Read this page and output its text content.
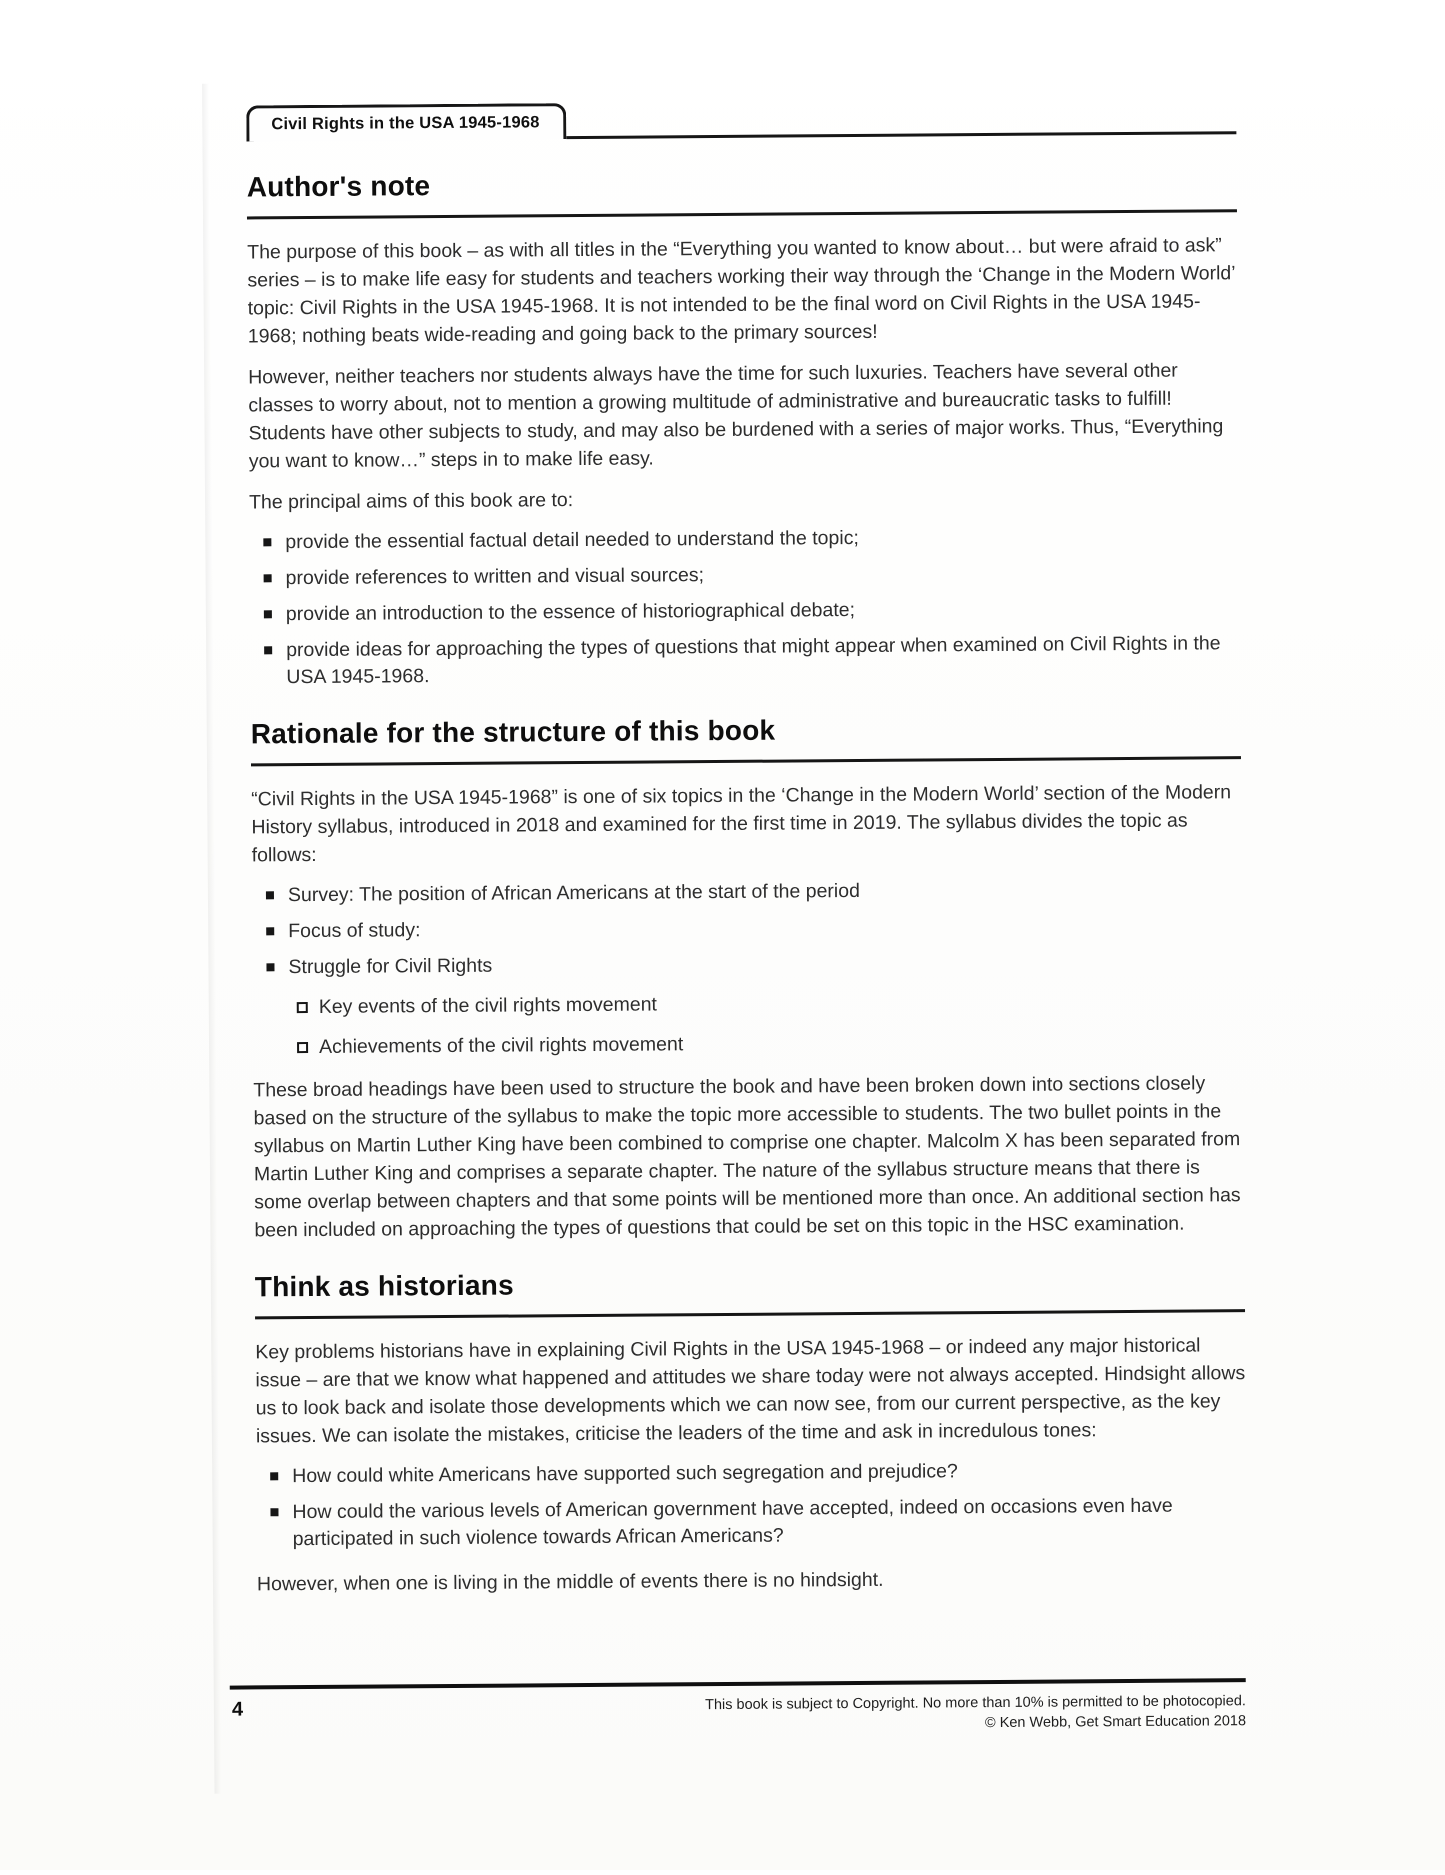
Civil Rights in the USA 1945-1968
Author's note

The purpose of this book – as with all titles in the “Everything you wanted to know about… but were afraid to ask” series – is to make life easy for students and teachers working their way through the ‘Change in the Modern World’ topic: Civil Rights in the USA 1945-1968. It is not intended to be the final word on Civil Rights in the USA 1945-1968; nothing beats wide-reading and going back to the primary sources!

However, neither teachers nor students always have the time for such luxuries. Teachers have several other classes to worry about, not to mention a growing multitude of administrative and bureaucratic tasks to fulfill! Students have other subjects to study, and may also be burdened with a series of major works. Thus, “Everything you want to know…” steps in to make life easy.

The principal aims of this book are to:

provide the essential factual detail needed to understand the topic;
provide references to written and visual sources;
provide an introduction to the essence of historiographical debate;
provide ideas for approaching the types of questions that might appear when examined on Civil Rights in the USA 1945-1968.
Rationale for the structure of this book

“Civil Rights in the USA 1945-1968” is one of six topics in the ‘Change in the Modern World’ section of the Modern History syllabus, introduced in 2018 and examined for the first time in 2019. The syllabus divides the topic as follows:

Survey: The position of African Americans at the start of the period
Focus of study:
Struggle for Civil Rights
Key events of the civil rights movement
Achievements of the civil rights movement

These broad headings have been used to structure the book and have been broken down into sections closely based on the structure of the syllabus to make the topic more accessible to students. The two bullet points in the syllabus on Martin Luther King have been combined to comprise one chapter. Malcolm X has been separated from Martin Luther King and comprises a separate chapter. The nature of the syllabus structure means that there is some overlap between chapters and that some points will be mentioned more than once. An additional section has been included on approaching the types of questions that could be set on this topic in the HSC examination.

Think as historians

Key problems historians have in explaining Civil Rights in the USA 1945-1968 – or indeed any major historical issue – are that we know what happened and attitudes we share today were not always accepted. Hindsight allows us to look back and isolate those developments which we can now see, from our current perspective, as the key issues. We can isolate the mistakes, criticise the leaders of the time and ask in incredulous tones:

How could white Americans have supported such segregation and prejudice?
How could the various levels of American government have accepted, indeed on occasions even have participated in such violence towards African Americans?

However, when one is living in the middle of events there is no hindsight.

4	This book is subject to Copyright. No more than 10% is permitted to be photocopied.
© Ken Webb, Get Smart Education 2018
